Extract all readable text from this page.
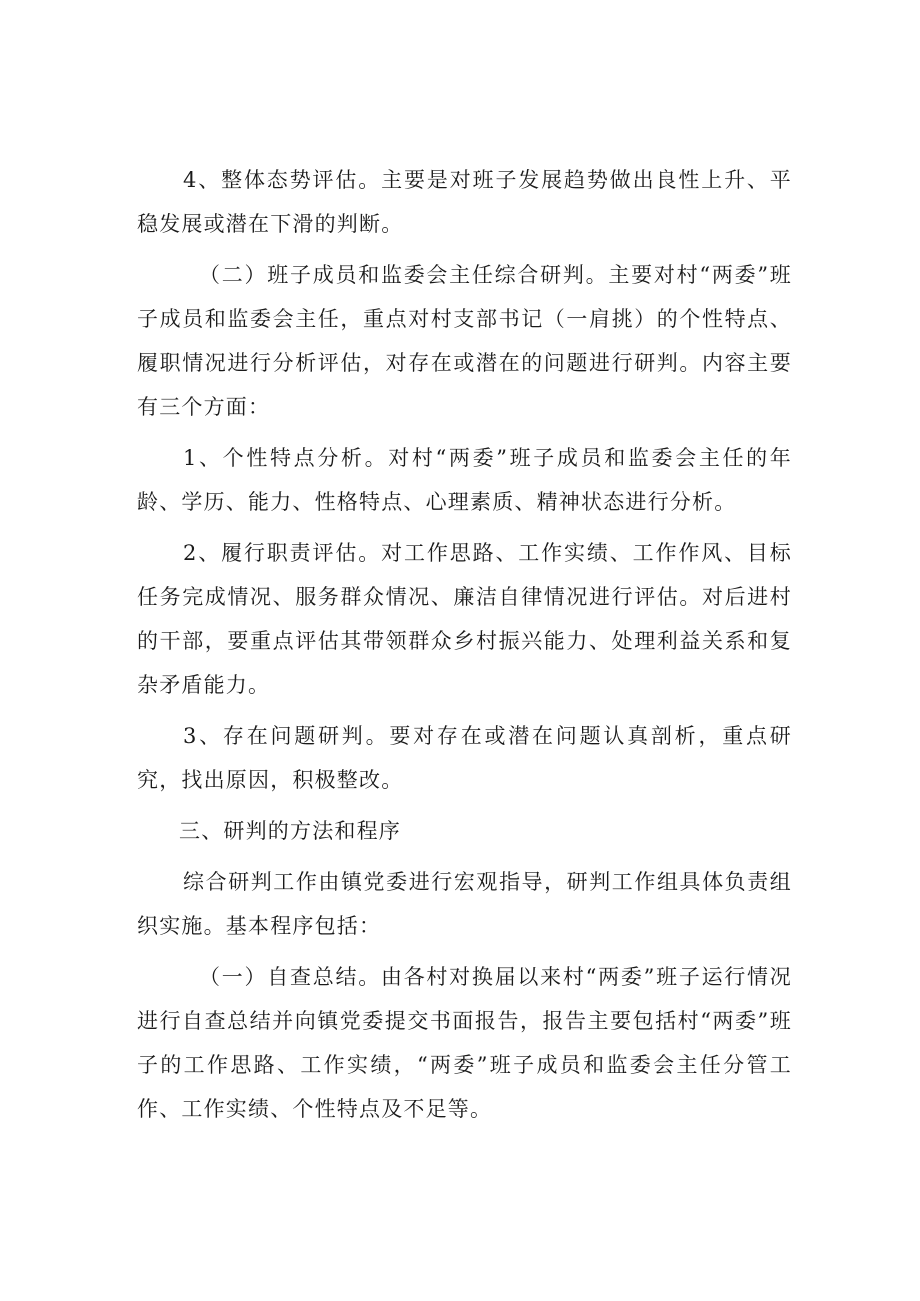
4、整体态势评估。主要是对班子发展趋势做出良性上升、平稳发展或潜在下滑的判断。

（二）班子成员和监委会主任综合研判。主要对村“两委”班子成员和监委会主任，重点对村支部书记（一肩挑）的个性特点、履职情况进行分析评估，对存在或潜在的问题进行研判。内容主要有三个方面：

1、个性特点分析。对村“两委”班子成员和监委会主任的年龄、学历、能力、性格特点、心理素质、精神状态进行分析。

2、履行职责评估。对工作思路、工作实绩、工作作风、目标任务完成情况、服务群众情况、廉洁自律情况进行评估。对后进村的干部，要重点评估其带领群众乡村振兴能力、处理利益关系和复杂矛盾能力。

3、存在问题研判。要对存在或潜在问题认真剖析，重点研究，找出原因，积极整改。

三、研判的方法和程序

综合研判工作由镇党委进行宏观指导，研判工作组具体负责组织实施。基本程序包括：

（一）自查总结。由各村对换届以来村“两委”班子运行情况进行自查总结并向镇党委提交书面报告，报告主要包括村“两委”班子的工作思路、工作实绩，“两委”班子成员和监委会主任分管工作、工作实绩、个性特点及不足等。
